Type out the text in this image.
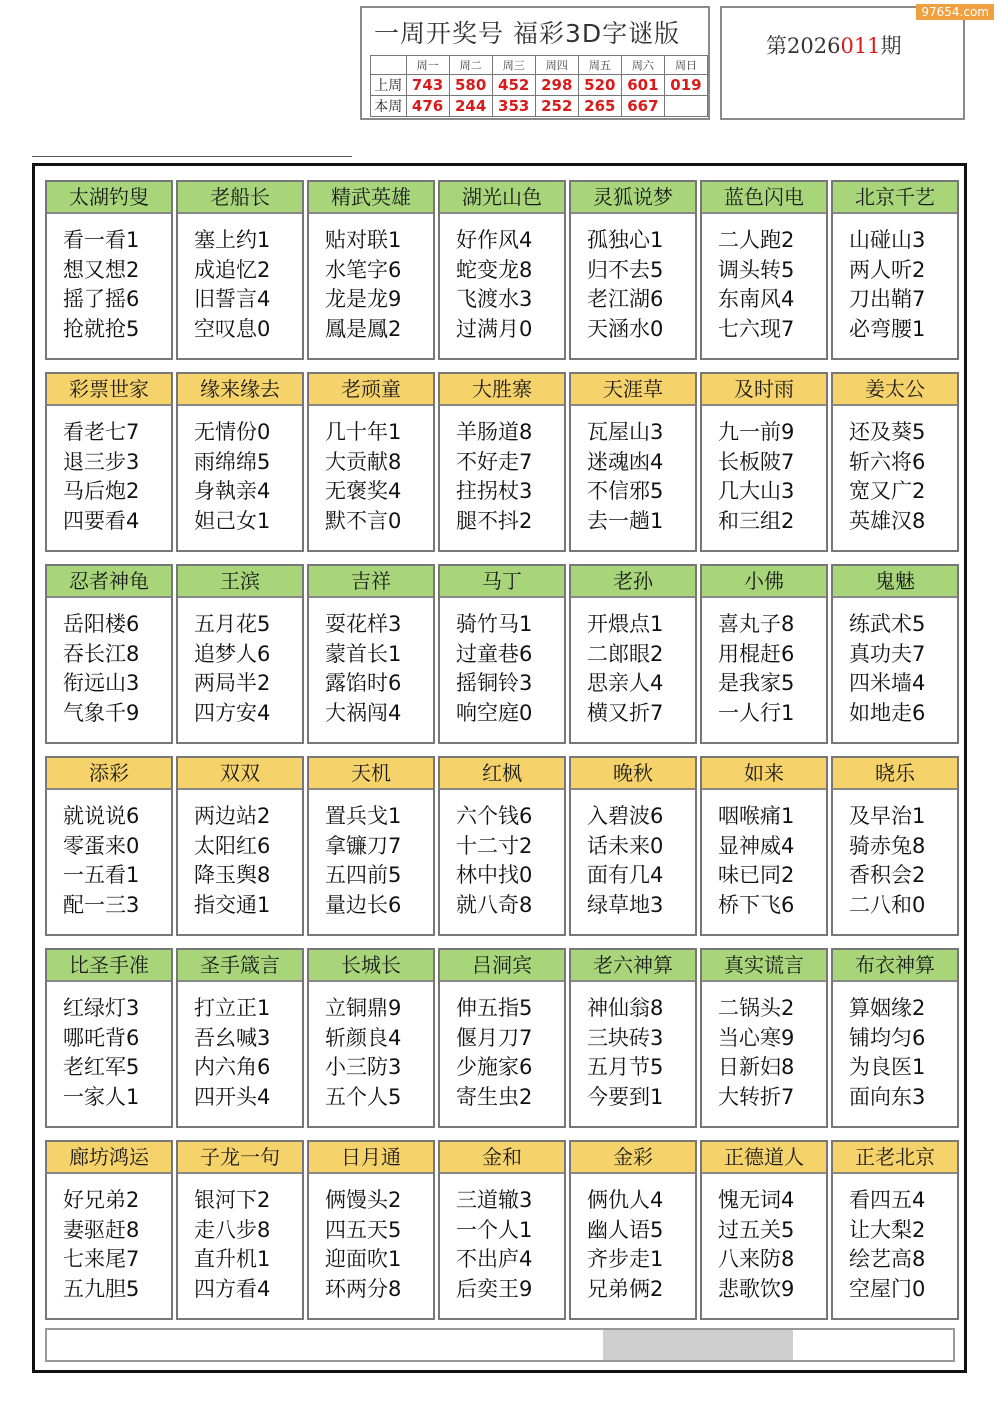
一周开奖号 福彩3D字谜版
	周一	周二	周三	周四	周五	周六	周日
上周	743	580	452	298	520	601	019
本周	476	244	353	252	265	667	
第2026011期
97654.com
太湖钓叟
看一看1
想又想2
摇了摇6
抢就抢5
老船长
塞上约1
成追忆2
旧誓言4
空叹息0
精武英雄
贴对联1
水笔字6
龙是龙9
鳳是鳳2
湖光山色
好作风4
蛇变龙8
飞渡水3
过满月0
灵狐说梦
孤独心1
归不去5
老江湖6
天涵水0
蓝色闪电
二人跑2
调头转5
东南风4
七六现7
北京千艺
山碰山3
两人听2
刀出鞘7
必弯腰1
彩票世家
看老七7
退三步3
马后炮2
四要看4
缘来缘去
无情份0
雨绵绵5
身執亲4
妲己女1
老顽童
几十年1
大贡献8
无褒奖4
默不言0
大胜寨
羊肠道8
不好走7
拄拐杖3
腿不抖2
天涯草
瓦屋山3
迷魂凼4
不信邪5
去一趟1
及时雨
九一前9
长板陂7
几大山3
和三组2
姜太公
还及葵5
斩六将6
宽又广2
英雄汉8
忍者神龟
岳阳楼6
吞长江8
衔远山3
气象千9
王滨
五月花5
追梦人6
两局半2
四方安4
吉祥
耍花样3
蒙首长1
露馅时6
大祸闯4
马丁
骑竹马1
过童巷6
摇铜铃3
响空庭0
老孙
开煨点1
二郎眼2
思亲人4
横又折7
小佛
喜丸子8
用棍赶6
是我家5
一人行1
鬼魅
练武术5
真功夫7
四米墙4
如地走6
添彩
就说说6
零蛋来0
一五看1
配一三3
双双
两边站2
太阳红6
降玉舆8
指交通1
天机
置兵戈1
拿镰刀7
五四前5
量边长6
红枫
六个钱6
十二寸2
林中找0
就八奇8
晚秋
入碧波6
话未来0
面有几4
绿草地3
如来
咽喉痛1
显神威4
味已同2
桥下飞6
晓乐
及早治1
骑赤兔8
香积会2
二八和0
比圣手准
红绿灯3
哪吒背6
老红军5
一家人1
圣手箴言
打立正1
吾幺喊3
内六角6
四开头4
长城长
立铜鼎9
斩颜良4
小三防3
五个人5
吕洞宾
伸五指5
偃月刀7
少施家6
寄生虫2
老六神算
神仙翁8
三块砖3
五月节5
今要到1
真实谎言
二锅头2
当心寒9
日新妇8
大转折7
布衣神算
算姻缘2
铺均匀6
为良医1
面向东3
廊坊鸿运
好兄弟2
妻驱赶8
七来尾7
五九胆5
子龙一句
银河下2
走八步8
直升机1
四方看4
日月通
俩馒头2
四五天5
迎面吹1
环两分8
金和
三道辙3
一个人1
不出庐4
后奕王9
金彩
俩仇人4
幽人语5
齐步走1
兄弟俩2
正德道人
愧无词4
过五关5
八来防8
悲歌饮9
正老北京
看四五4
让大梨2
绘艺高8
空屋门0
